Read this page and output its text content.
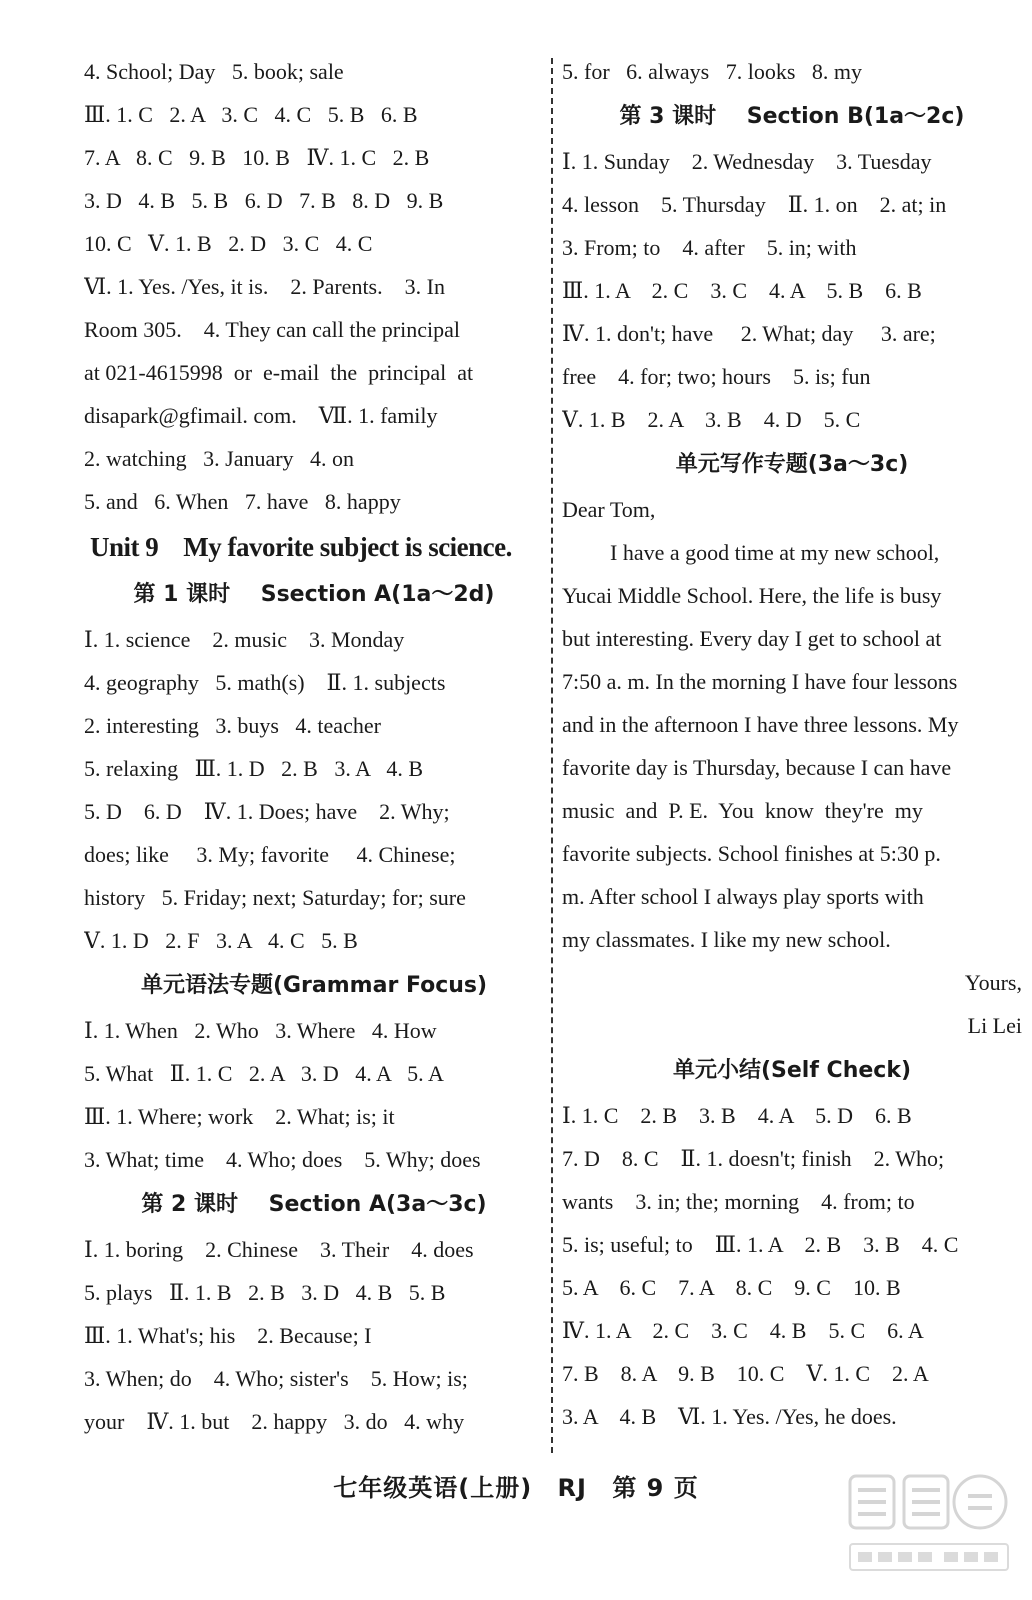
4. School; Day   5. book; sale
Ⅲ. 1. C   2. A   3. C   4. C   5. B   6. B
7. A   8. C   9. B   10. B   Ⅳ. 1. C   2. B
3. D   4. B   5. B   6. D   7. B   8. D   9. B
10. C   Ⅴ. 1. B   2. D   3. C   4. C
Ⅵ. 1. Yes. /Yes, it is.    2. Parents.    3. In
Room 305.    4. They can call the principal
at 021-4615998  or  e-mail  the  principal  at
disapark@gfimail. com.    Ⅶ. 1. family
2. watching   3. January   4. on
5. and   6. When   7. have   8. happy
Unit 9    My favorite subject is science.
第 1 课时    Ssection A(1a～2d)
Ⅰ. 1. science    2. music    3. Monday
4. geography   5. math(s)    Ⅱ. 1. subjects
2. interesting   3. buys   4. teacher
5. relaxing   Ⅲ. 1. D   2. B   3. A   4. B
5. D    6. D    Ⅳ. 1. Does; have    2. Why;
does; like     3. My; favorite     4. Chinese;
history   5. Friday; next; Saturday; for; sure
Ⅴ. 1. D   2. F   3. A   4. C   5. B
单元语法专题(Grammar Focus)
Ⅰ. 1. When   2. Who   3. Where   4. How
5. What   Ⅱ. 1. C   2. A   3. D   4. A   5. A
Ⅲ. 1. Where; work    2. What; is; it
3. What; time    4. Who; does    5. Why; does
第 2 课时    Section A(3a～3c)
Ⅰ. 1. boring    2. Chinese    3. Their    4. does
5. plays   Ⅱ. 1. B   2. B   3. D   4. B   5. B
Ⅲ. 1. What's; his    2. Because; I
3. When; do    4. Who; sister's    5. How; is;
your    Ⅳ. 1. but    2. happy   3. do   4. why
5. for   6. always   7. looks   8. my
第 3 课时    Section B(1a～2c)
Ⅰ. 1. Sunday    2. Wednesday    3. Tuesday
4. lesson    5. Thursday    Ⅱ. 1. on    2. at; in
3. From; to    4. after    5. in; with
Ⅲ. 1. A    2. C    3. C    4. A    5. B    6. B
Ⅳ. 1. don't; have     2. What; day     3. are;
free    4. for; two; hours    5. is; fun
Ⅴ. 1. B    2. A    3. B    4. D    5. C
单元写作专题(3a～3c)
Dear Tom,
I have a good time at my new school,
Yucai Middle School. Here, the life is busy
but interesting. Every day I get to school at
7:50 a. m. In the morning I have four lessons
and in the afternoon I have three lessons. My
favorite day is Thursday, because I can have
music  and  P. E.  You  know  they're  my
favorite subjects. School finishes at 5:30 p.
m. After school I always play sports with
my classmates. I like my new school.
Yours,
Li Lei
单元小结(Self Check)
Ⅰ. 1. C    2. B    3. B    4. A    5. D    6. B
7. D    8. C    Ⅱ. 1. doesn't; finish    2. Who;
wants    3. in; the; morning    4. from; to
5. is; useful; to    Ⅲ. 1. A    2. B    3. B    4. C
5. A    6. C    7. A    8. C    9. C    10. B
Ⅳ. 1. A    2. C    3. C    4. B    5. C    6. A
7. B    8. A    9. B    10. C    Ⅴ. 1. C    2. A
3. A    4. B    Ⅵ. 1. Yes. /Yes, he does.
七年级英语(上册) RJ 第 9 页
